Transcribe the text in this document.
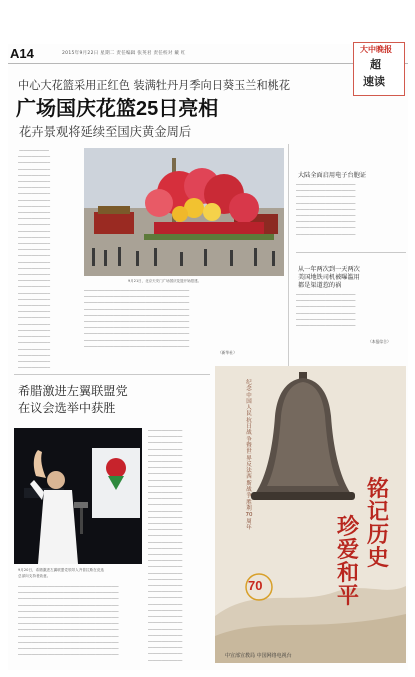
A14	2015年9月22日 星期二 责任编辑 张英君 责任校对 戴 红	大中晚报
超
速读
中心大花篮采用正红色 装满牡丹月季向日葵玉兰和桃花
广场国庆花篮25日亮相
花卉景观将延续至国庆黄金周后
9月21日，北京天安门广场国庆花篮开始搭建。
 ─────────────
──────────────
──────────────
──────────────
──────────────
──────────────
──────────────
──────────────
──────────────
──────────────
──────────────
──────────────
──────────────
──────────────
──────────────
──────────────
──────────────
──────────────
──────────────
──────────────
──────────────
──────────────
──────────────
──────────────
──────────────
──────────────
──────────────
──────────────
──────────────
──────────────
──────────────
──────────────
──────────────
──────────────
──────────────
──────────────
──────────────────────────────────────────────
──────────────────────────────────────────────
──────────────────────────────────────────────
──────────────────────────────────────────────
──────────────────────────────────────────────
──────────────────────────────────────────────
──────────────────────────────────────────────
──────────────────────────────────────────────
──────────────────────────────────────────────
──────────────────────────────────────────────
（新华社）
大陆全面启用电子台胞证
──────────────────────────
──────────────────────────
──────────────────────────
──────────────────────────
──────────────────────────
──────────────────────────
──────────────────────────
──────────────────────────
──────────────────────────
从一年两次到一天两次
美国地铁司机被曝滥用
都是渠道惹的祸
──────────────────────────
──────────────────────────
──────────────────────────
──────────────────────────
──────────────────────────
──────────────────────────
（本报综合）
希腊激进左翼联盟党
在议会选举中获胜
9月20日，希腊激进左翼联盟党领导人齐普拉斯在竞选
总部向支持者致意。
───────────────
───────────────
───────────────
───────────────
───────────────
───────────────
───────────────
───────────────
───────────────
───────────────
───────────────
───────────────
───────────────
───────────────
───────────────
───────────────
───────────────
───────────────
───────────────
───────────────
───────────────
───────────────
───────────────
───────────────
───────────────
───────────────
───────────────
───────────────
───────────────
───────────────
───────────────
───────────────
───────────────
───────────────
───────────────
───────────────
───────────────
───────────────
────────────────────────────────────────────
────────────────────────────────────────────
────────────────────────────────────────────
────────────────────────────────────────────
────────────────────────────────────────────
────────────────────────────────────────────
────────────────────────────────────────────
────────────────────────────────────────────
────────────────────────────────────────────
────────────────────────────────────────────
────────────────────────────────────────────
────────────────────────────────────────────
纪念中国人民抗日战争暨世界反法西斯战争胜利70周年
铭记历史
珍爱和平
70
中宣部宣教局 中国网络电视台
